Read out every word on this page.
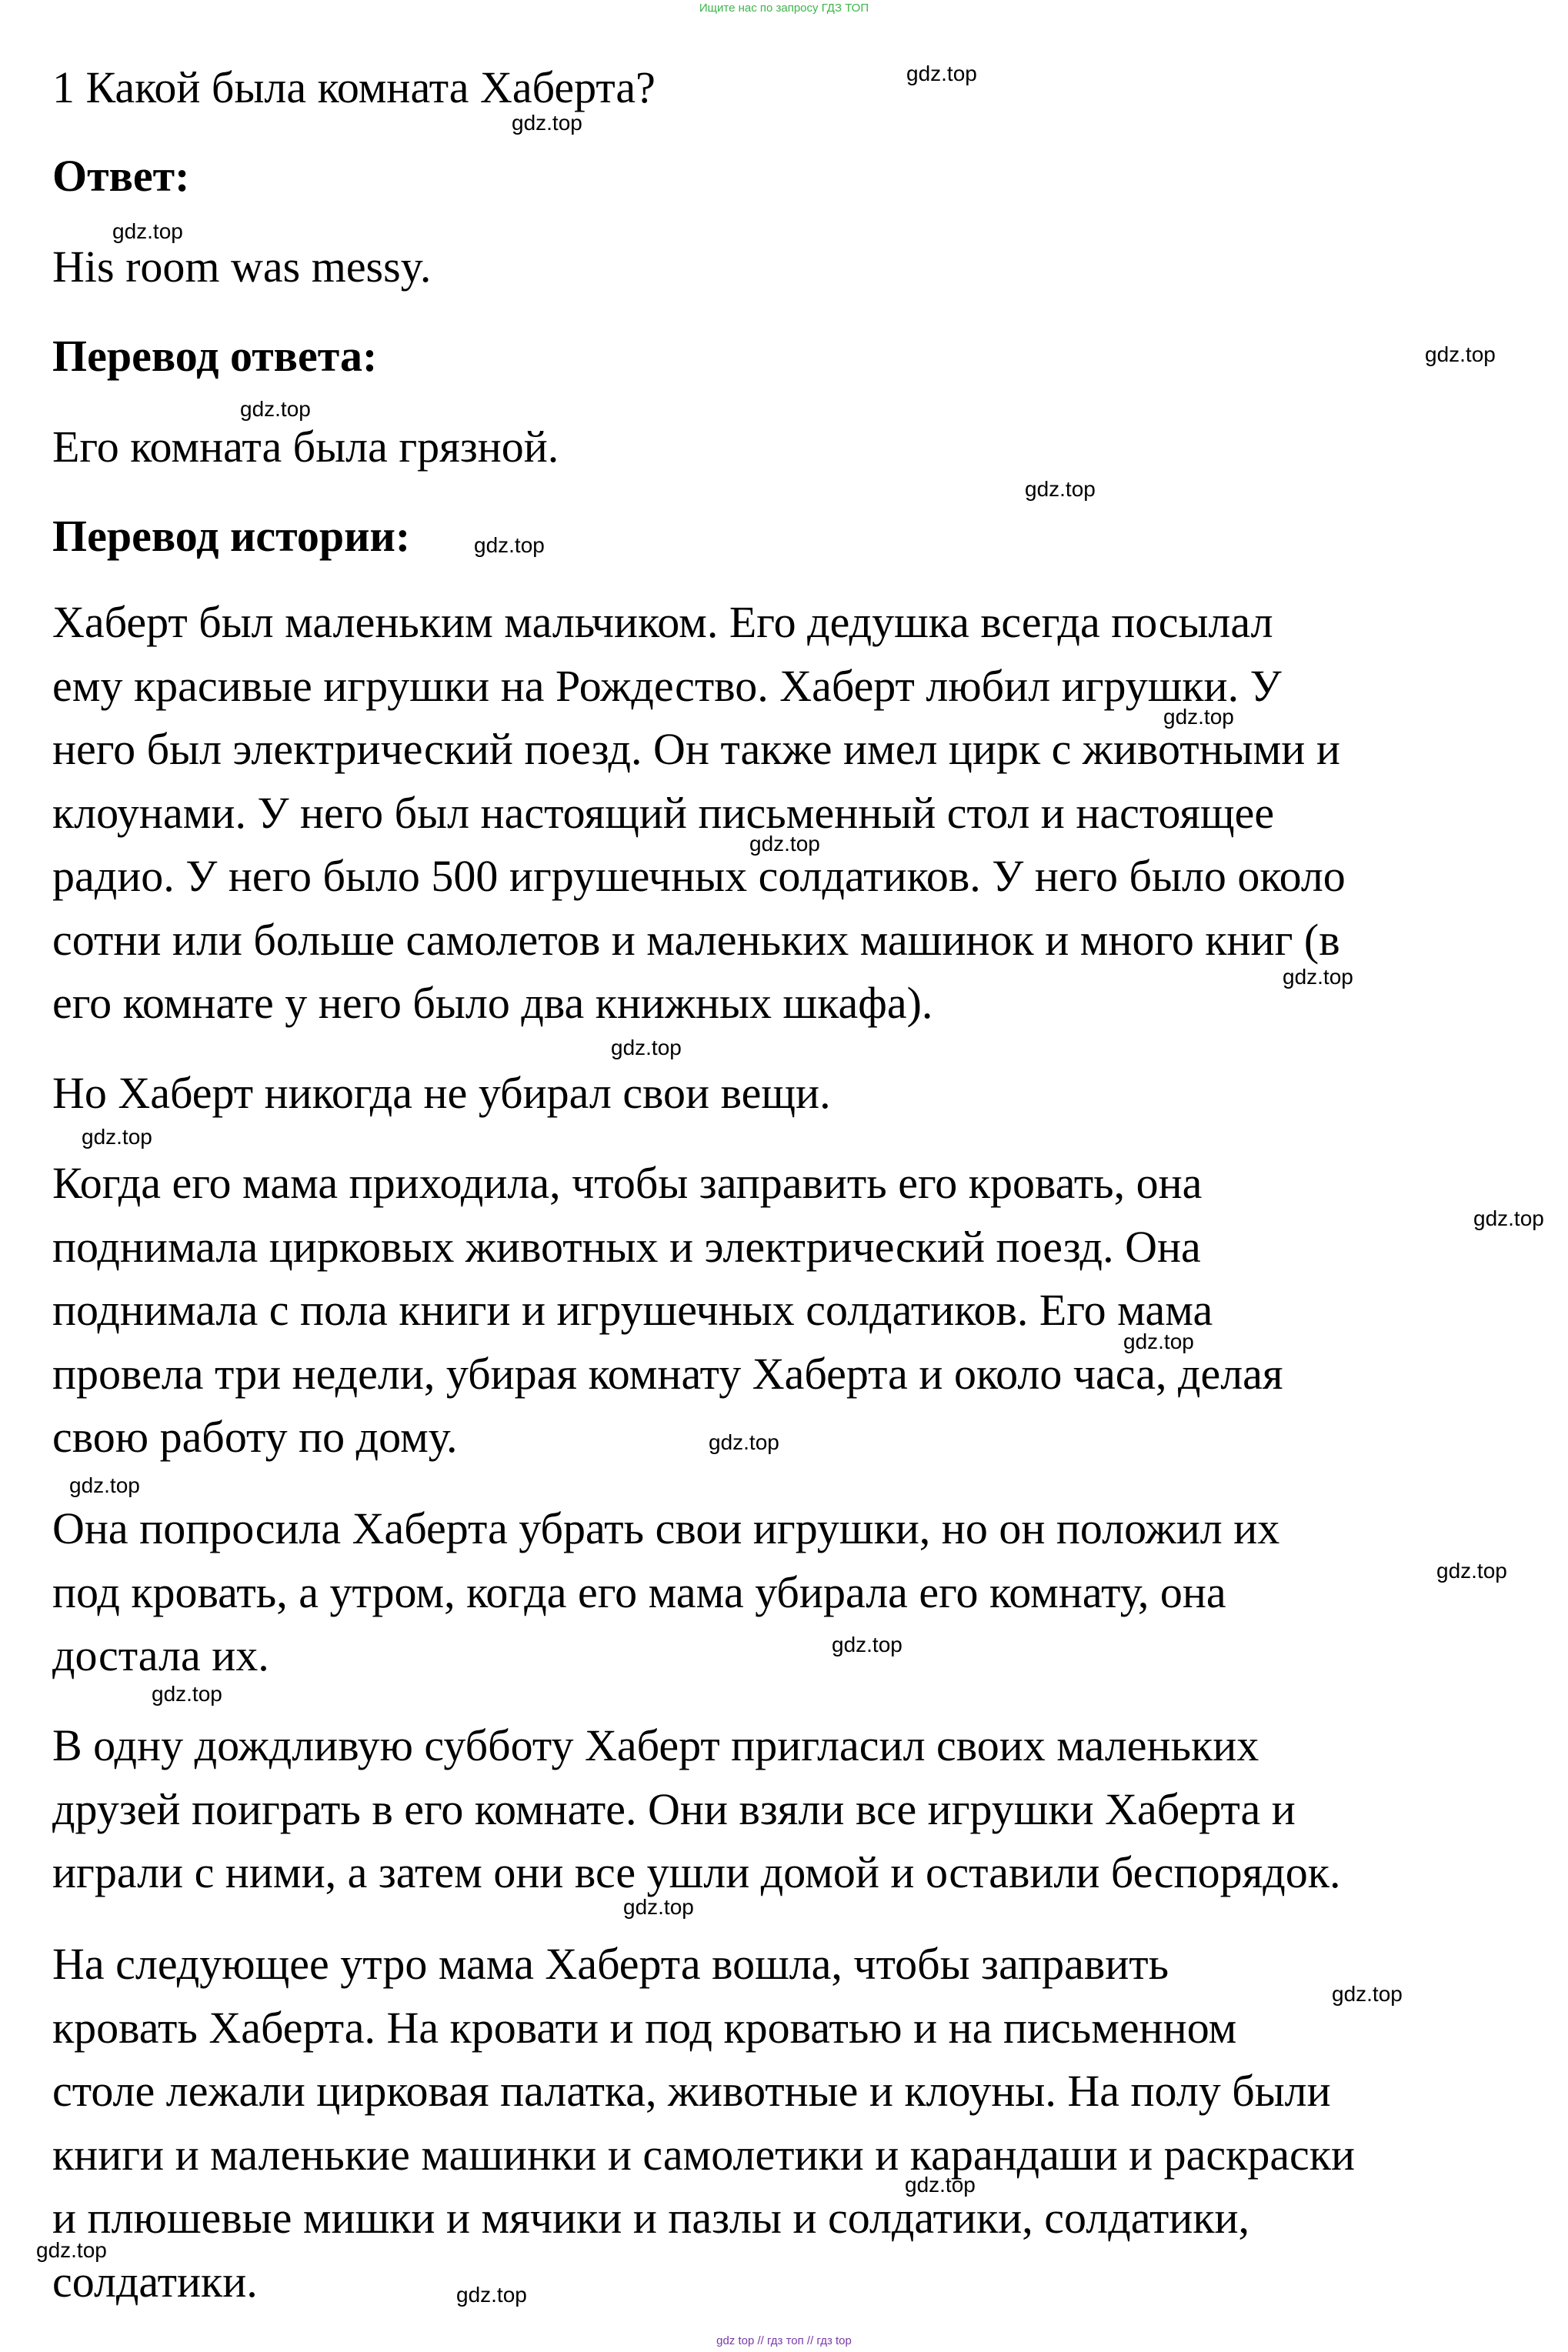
Ищите нас по запросу ГДЗ ТОП
1 Какой была комната Хаберта?
Ответ:
His room was messy.
Перевод ответа:
Его комната была грязной.
Перевод истории:
Хаберт был маленьким мальчиком. Его дедушка всегда посылал
ему красивые игрушки на Рождество. Хаберт любил игрушки. У
него был электрический поезд. Он также имел цирк с животными и
клоунами. У него был настоящий письменный стол и настоящее
радио. У него было 500 игрушечных солдатиков. У него было около
сотни или больше самолетов и маленьких машинок и много книг (в
его комнате у него было два книжных шкафа).
Но Хаберт никогда не убирал свои вещи.
Когда его мама приходила, чтобы заправить его кровать, она
поднимала цирковых животных и электрический поезд. Она
поднимала с пола книги и игрушечных солдатиков. Его мама
провела три недели, убирая комнату Хаберта и около часа, делая
свою работу по дому.
Она попросила Хаберта убрать свои игрушки, но он положил их
под кровать, а утром, когда его мама убирала его комнату, она
достала их.
В одну дождливую субботу Хаберт пригласил своих маленьких
друзей поиграть в его комнате. Они взяли все игрушки Хаберта и
играли с ними, а затем они все ушли домой и оставили беспорядок.
На следующее утро мама Хаберта вошла, чтобы заправить
кровать Хаберта. На кровати и под кроватью и на письменном
столе лежали цирковая палатка, животные и клоуны. На полу были
книги и маленькие машинки и самолетики и карандаши и раскраски
и плюшевые мишки и мячики и пазлы и солдатики, солдатики,
солдатики.
gdz.top
gdz.top
gdz.top
gdz.top
gdz.top
gdz.top
gdz.top
gdz.top
gdz.top
gdz.top
gdz.top
gdz.top
gdz.top
gdz.top
gdz.top
gdz.top
gdz.top
gdz.top
gdz.top
gdz.top
gdz.top
gdz.top
gdz.top
gdz.top
gdz top // гдз топ // гдз top
